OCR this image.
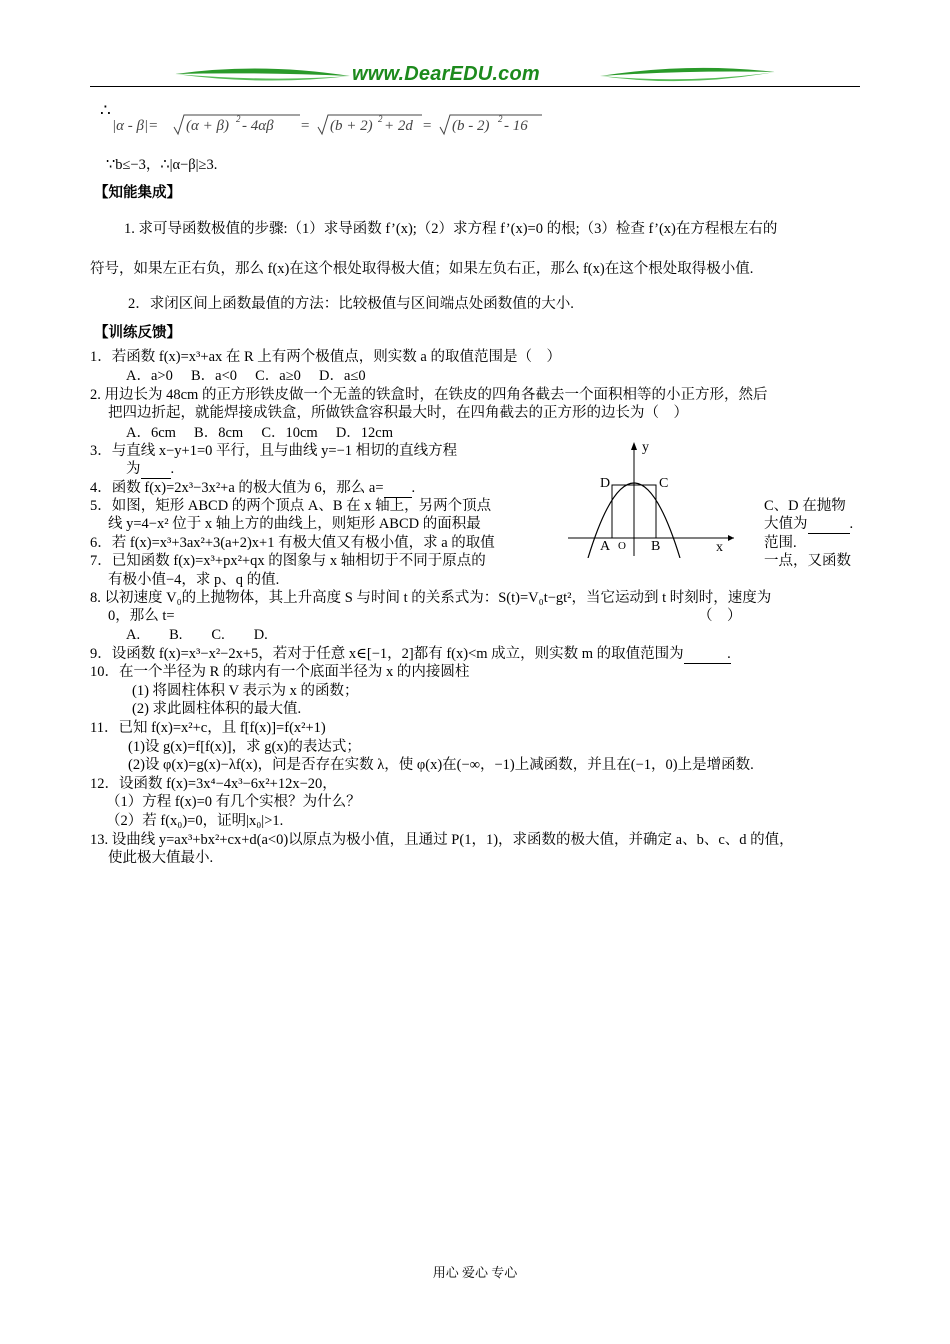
www.DearEDU.com
∴
|α - β|= (α + β) 2 - 4αβ = (b + 2) 2 + 2d = (b - 2) 2 - 16
∵b≤−3，∴|α−β|≥3.
【知能集成】
1. 求可导函数极值的步骤:（1）求导函数 f’(x);（2）求方程 f’(x)=0 的根;（3）检查 f’(x)在方程根左右的
符号，如果左正右负，那么 f(x)在这个根处取得极大值；如果左负右正，那么 f(x)在这个根处取得极小值.
2．求闭区间上函数最值的方法：比较极值与区间端点处函数值的大小.
【训练反馈】
1．若函数 f(x)=x³+ax 在 R 上有两个极值点，则实数 a 的取值范围是（　）
A．a>0　 B．a<0　 C．a≥0　 D．a≤0
2. 用边长为 48cm 的正方形铁皮做一个无盖的铁盒时，在铁皮的四角各截去一个面积相等的小正方形，然后
把四边折起，就能焊接成铁盒，所做铁盒容积最大时，在四角截去的正方形的边长为（　）
A．6cm　 B．8cm　 C．10cm　 D．12cm
3．与直线 x−y+1=0 平行，且与曲线 y=−1 相切的直线方程
为 .
4．函数 f(x)=2x³−3x²+a 的极大值为 6，那么 a= .
5．如图，矩形 ABCD 的两个顶点 A、B 在 x 轴上，另两个顶点	C、D 在抛物
线 y=4−x² 位于 x 轴上方的曲线上，则矩形 ABCD 的面积最	大值为	.
6．若 f(x)=x³+3ax²+3(a+2)x+1 有极大值又有极小值，求 a 的取值	范围.
7．已知函数 f(x)=x³+px²+qx 的图象与 x 轴相切于不同于原点的	一点，又函数
有极小值−4，求 p、q 的值.
8. 以初速度 V₀的上抛物体，其上升高度 S 与时间 t 的关系式为：S(t)=V₀t−gt²，当它运动到 t 时刻时，速度为
0，那么 t=	（　）
A.　　B.　　C.　　D.
9．设函数 f(x)=x³−x²−2x+5，若对于任意 x∈[−1，2]都有 f(x)<m 成立，则实数 m 的取值范围为　　　.
10．在一个半径为 R 的球内有一个底面半径为 x 的内接圆柱
(1) 将圆柱体积 V 表示为 x 的函数；
(2) 求此圆柱体积的最大值.
11．已知 f(x)=x²+c，且 f[f(x)]=f(x²+1)
(1)设 g(x)=f[f(x)]，求 g(x)的表达式；
(2)设 φ(x)=g(x)−λf(x)，问是否存在实数 λ，使 φ(x)在(−∞，−1)上减函数，并且在(−1，0)上是增函数.
12．设函数 f(x)=3x⁴−4x³−6x²+12x−20，
（1）方程 f(x)=0 有几个实根？为什么？
（2）若 f(x₀)=0，证明|x₀|>1.
13. 设曲线 y=ax³+bx²+cx+d(a<0)以原点为极小值，且通过 P(1，1)，求函数的极大值，并确定 a、b、c、d 的值，
使此极大值最小.
y
x
A O B
C
D
用心 爱心 专心
